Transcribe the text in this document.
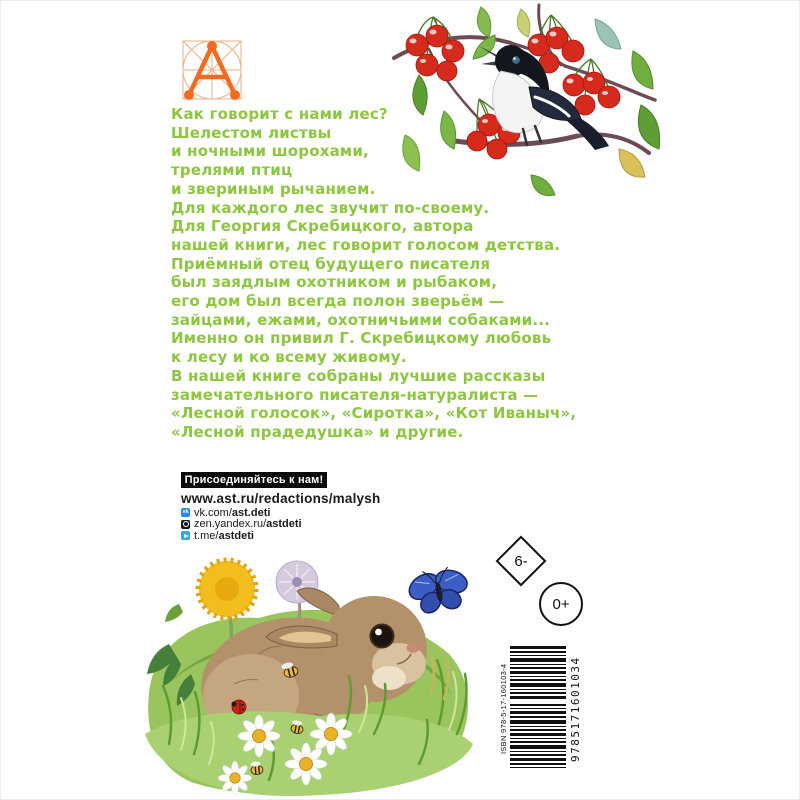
Как говорит с нами лес?
Шелестом листвы
и ночными шорохами,
трелями птиц
и звериным рычанием.
Для каждого лес звучит по-своему.
Для Георгия Скребицкого, автора
нашей книги, лес говорит голосом детства.
Приёмный отец будущего писателя
был заядлым охотником и рыбаком,
его дом был всегда полон зверьём —
зайцами, ежами, охотничьими собаками...
Именно он привил Г. Скребицкому любовь
к лесу и ко всему живому.
В нашей книге собраны лучшие рассказы
замечательного писателя-натуралиста —
«Лесной голосок», «Сиротка», «Кот Иваныч»,
«Лесной прадедушка» и другие.
Присоединяйтесь к нам!
www.ast.ru/redactions/malysh
vk vk.com/ast.deti
zen.yandex.ru/astdeti
t.me/astdeti
6-
0+
ISBN 978-5-17-160103-4	9785171601034
